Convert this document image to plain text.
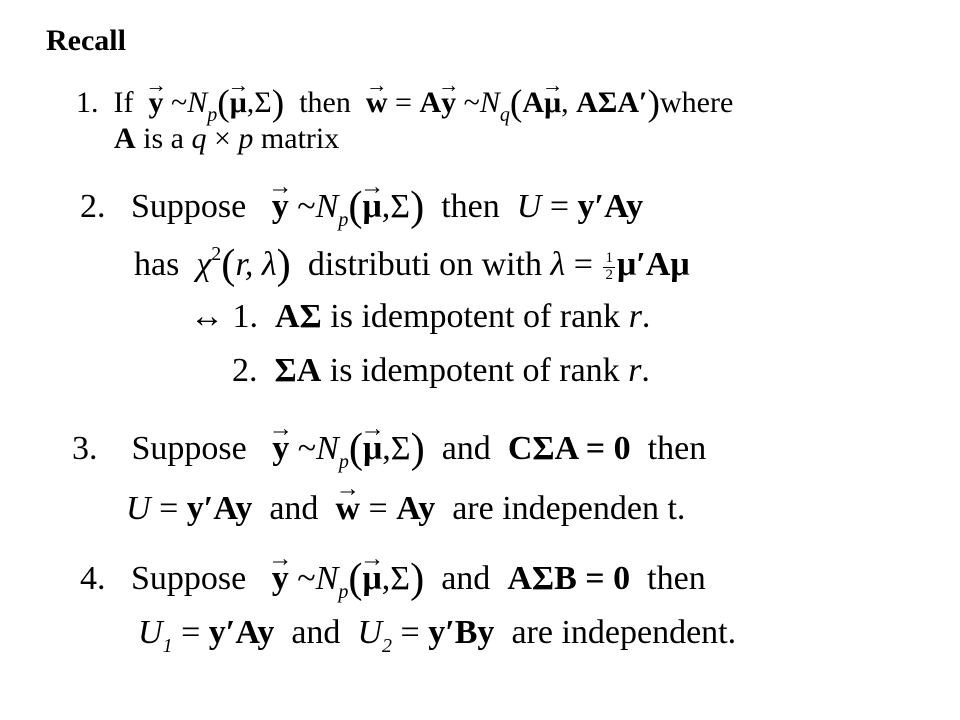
Recall
1. If → y $\sim N_p(\to \mu,\Sigma)$ then → w = A→ y $\sim N_q(A\to \mu$, AΣA′)where
A is a q × p matrix
2. Suppose → y $\sim N_p(\to \mu,\Sigma)$ then U = y′Ay
has $\chi^2(r$, λ) distributi on with $\lambda = \frac{1}{2} \mu'A\mu$
↔ 1. AΣ is idempotent of rank r.
2. ΣA is idempotent of rank r.
3. Suppose → y $\sim N_p(\to \mu,\Sigma)$ and CΣA = 0 then
U = y′Ay and → w = Ay are independen t.
4. Suppose → y $\sim N_p(\to \mu,\Sigma)$ and AΣB = 0 then
$U_1 = y'Ay$ and $U_2 = y'By$ are independent.
